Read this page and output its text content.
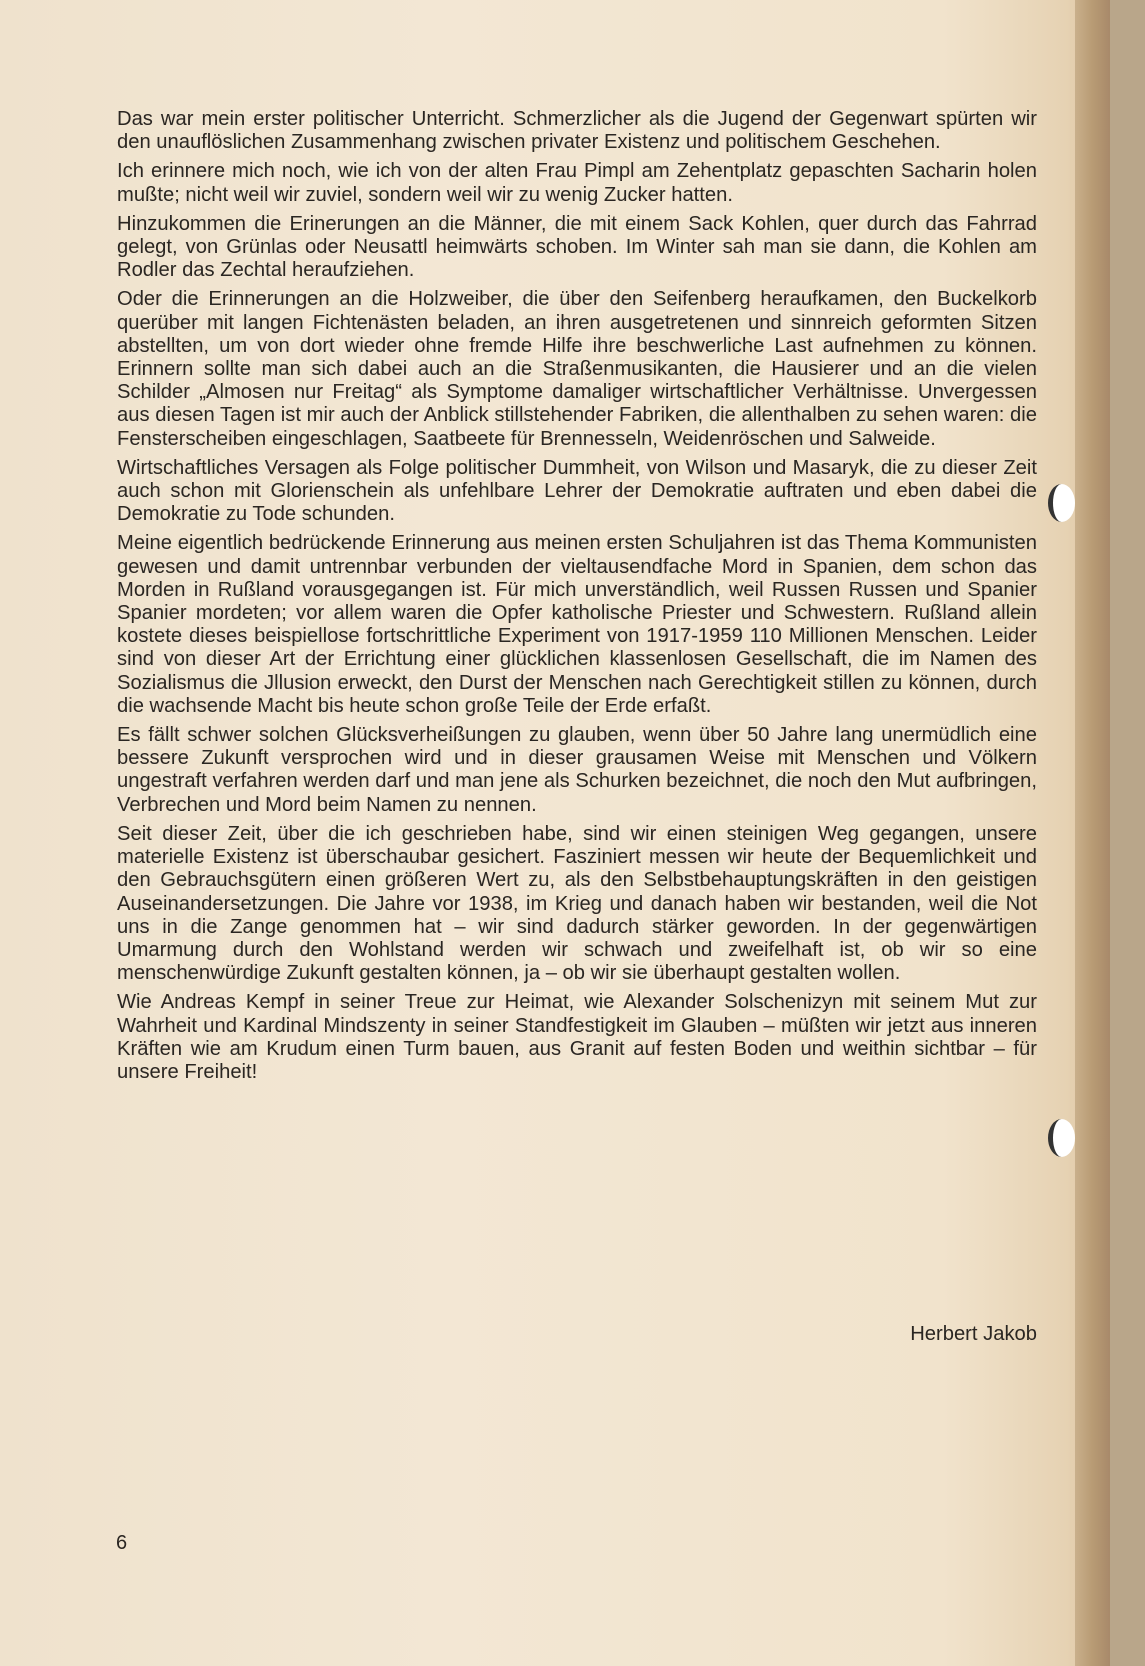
Das war mein erster politischer Unterricht. Schmerzlicher als die Jugend der Gegenwart spürten wir den unauflöslichen Zusammenhang zwischen privater Existenz und politischem Geschehen.

Ich erinnere mich noch, wie ich von der alten Frau Pimpl am Zehentplatz gepaschten Sacharin holen mußte; nicht weil wir zuviel, sondern weil wir zu wenig Zucker hatten.

Hinzukommen die Erinerungen an die Männer, die mit einem Sack Kohlen, quer durch das Fahrrad gelegt, von Grünlas oder Neusattl heimwärts schoben. Im Winter sah man sie dann, die Kohlen am Rodler das Zechtal heraufziehen.

Oder die Erinnerungen an die Holzweiber, die über den Seifenberg heraufkamen, den Buckelkorb querüber mit langen Fichtenästen beladen, an ihren ausgetretenen und sinnreich geformten Sitzen abstellten, um von dort wieder ohne fremde Hilfe ihre beschwerliche Last aufnehmen zu können. Erinnern sollte man sich dabei auch an die Straßenmusikanten, die Hausierer und an die vielen Schilder „Almosen nur Freitag“ als Symptome damaliger wirtschaftlicher Verhältnisse. Unvergessen aus diesen Tagen ist mir auch der Anblick stillstehender Fabriken, die allenthalben zu sehen waren: die Fensterscheiben eingeschlagen, Saatbeete für Brennesseln, Weidenröschen und Salweide.

Wirtschaftliches Versagen als Folge politischer Dummheit, von Wilson und Masaryk, die zu dieser Zeit auch schon mit Glorienschein als unfehlbare Lehrer der Demokratie auftraten und eben dabei die Demokratie zu Tode schunden.

Meine eigentlich bedrückende Erinnerung aus meinen ersten Schuljahren ist das Thema Kommunisten gewesen und damit untrennbar verbunden der vieltausendfache Mord in Spanien, dem schon das Morden in Rußland vorausgegangen ist. Für mich unverständlich, weil Russen Russen und Spanier Spanier mordeten; vor allem waren die Opfer katholische Priester und Schwestern. Rußland allein kostete dieses beispiellose fortschrittliche Experiment von 1917-1959 110 Millionen Menschen. Leider sind von dieser Art der Errichtung einer glücklichen klassenlosen Gesellschaft, die im Namen des Sozialismus die Jllusion erweckt, den Durst der Menschen nach Gerechtigkeit stillen zu können, durch die wachsende Macht bis heute schon große Teile der Erde erfaßt.

Es fällt schwer solchen Glücksverheißungen zu glauben, wenn über 50 Jahre lang unermüdlich eine bessere Zukunft versprochen wird und in dieser grausamen Weise mit Menschen und Völkern ungestraft verfahren werden darf und man jene als Schurken bezeichnet, die noch den Mut aufbringen, Verbrechen und Mord beim Namen zu nennen.

Seit dieser Zeit, über die ich geschrieben habe, sind wir einen steinigen Weg gegangen, unsere materielle Existenz ist überschaubar gesichert. Fasziniert messen wir heute der Bequemlichkeit und den Gebrauchsgütern einen größeren Wert zu, als den Selbstbehauptungskräften in den geistigen Auseinandersetzungen. Die Jahre vor 1938, im Krieg und danach haben wir bestanden, weil die Not uns in die Zange genommen hat – wir sind dadurch stärker geworden. In der gegenwärtigen Umarmung durch den Wohlstand werden wir schwach und zweifelhaft ist, ob wir so eine menschenwürdige Zukunft gestalten können, ja – ob wir sie überhaupt gestalten wollen.

Wie Andreas Kempf in seiner Treue zur Heimat, wie Alexander Solschenizyn mit seinem Mut zur Wahrheit und Kardinal Mindszenty in seiner Standfestigkeit im Glauben – müßten wir jetzt aus inneren Kräften wie am Krudum einen Turm bauen, aus Granit auf festen Boden und weithin sichtbar – für unsere Freiheit!

Herbert Jakob
6
